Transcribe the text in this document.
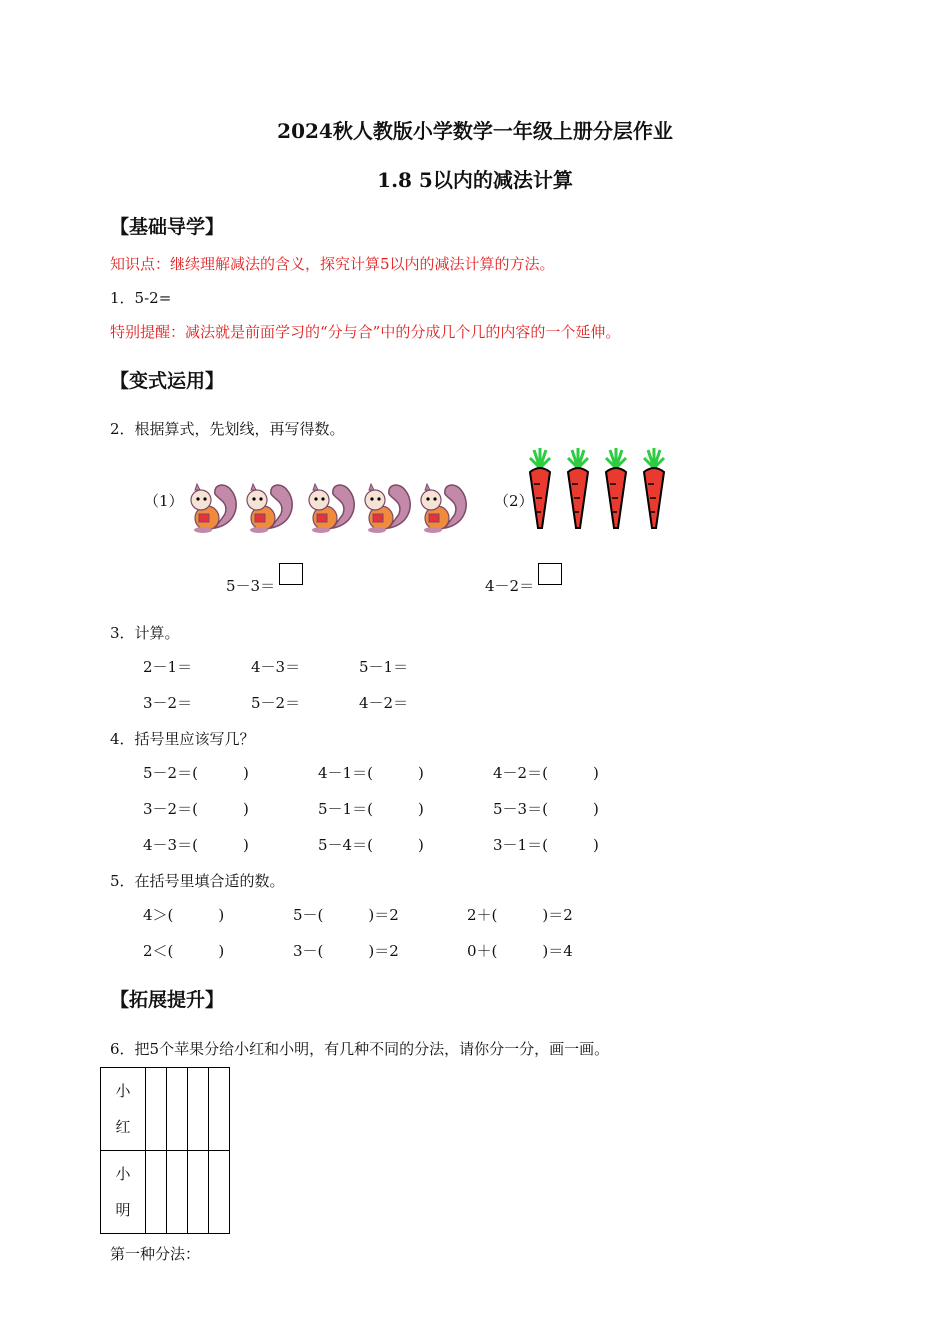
2024秋人教版小学数学一年级上册分层作业
1.8 5以内的减法计算
【基础导学】
知识点：继续理解减法的含义，探究计算5以内的减法计算的方法。
1．5-2=
特别提醒：减法就是前面学习的“分与合”中的分成几个几的内容的一个延伸。
【变式运用】
2．根据算式，先划线，再写得数。
（1）
5－3＝
（2）
4－2＝
3．计算。
2－1＝	4－3＝	5－1＝
3－2＝	5－2＝	4－2＝
4．括号里应该写几？
5－2＝(　　　)	4－1＝(　　　)	4－2＝(　　　)
3－2＝(　　　)	5－1＝(　　　)	5－3＝(　　　)
4－3＝(　　　)	5－4＝(　　　)	3－1＝(　　　)
5．在括号里填合适的数。
4＞(　　　)	5－(　　　)＝2	2＋(　　　)＝2
2＜(　　　)	3－(　　　)＝2	0＋(　　　)＝4
【拓展提升】
6．把5个苹果分给小红和小明，有几种不同的分法，请你分一分，画一画。
小
红				

小
明				

第一种分法：
